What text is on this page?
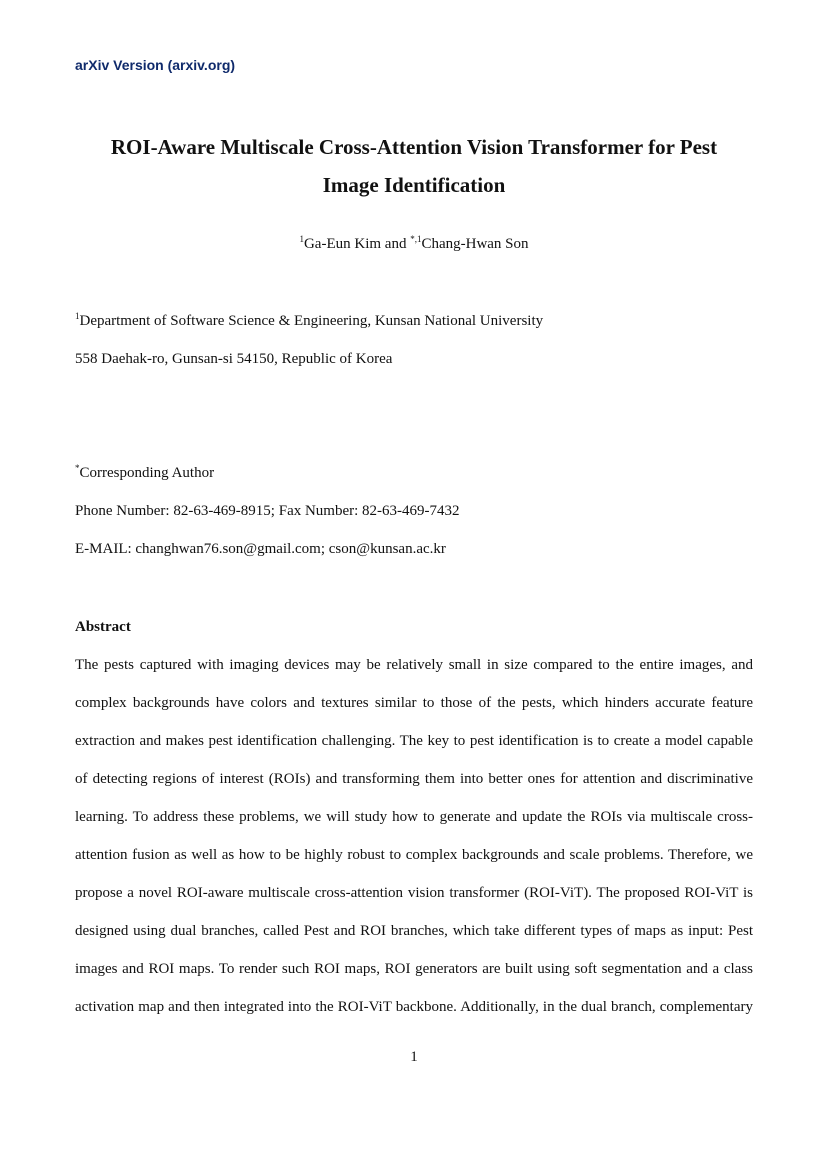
arXiv Version (arxiv.org)
ROI-Aware Multiscale Cross-Attention Vision Transformer for Pest
Image Identification
$^1$Ga-Eun Kim and $^{*,1}$Chang-Hwan Son
$^1$Department of Software Science & Engineering, Kunsan National University
558 Daehak-ro, Gunsan-si 54150, Republic of Korea
*Corresponding Author
Phone Number: 82-63-469-8915; Fax Number: 82-63-469-7432
E-MAIL: changhwan76.son@gmail.com; cson@kunsan.ac.kr
Abstract
The pests captured with imaging devices may be relatively small in size compared to the entire images, and
complex backgrounds have colors and textures similar to those of the pests, which hinders accurate feature
extraction and makes pest identification challenging. The key to pest identification is to create a model capable
of detecting regions of interest (ROIs) and transforming them into better ones for attention and discriminative
learning. To address these problems, we will study how to generate and update the ROIs via multiscale cross-
attention fusion as well as how to be highly robust to complex backgrounds and scale problems. Therefore, we
propose a novel ROI-aware multiscale cross-attention vision transformer (ROI-ViT). The proposed ROI-ViT is
designed using dual branches, called Pest and ROI branches, which take different types of maps as input: Pest
images and ROI maps. To render such ROI maps, ROI generators are built using soft segmentation and a class
activation map and then integrated into the ROI-ViT backbone. Additionally, in the dual branch, complementary
1
